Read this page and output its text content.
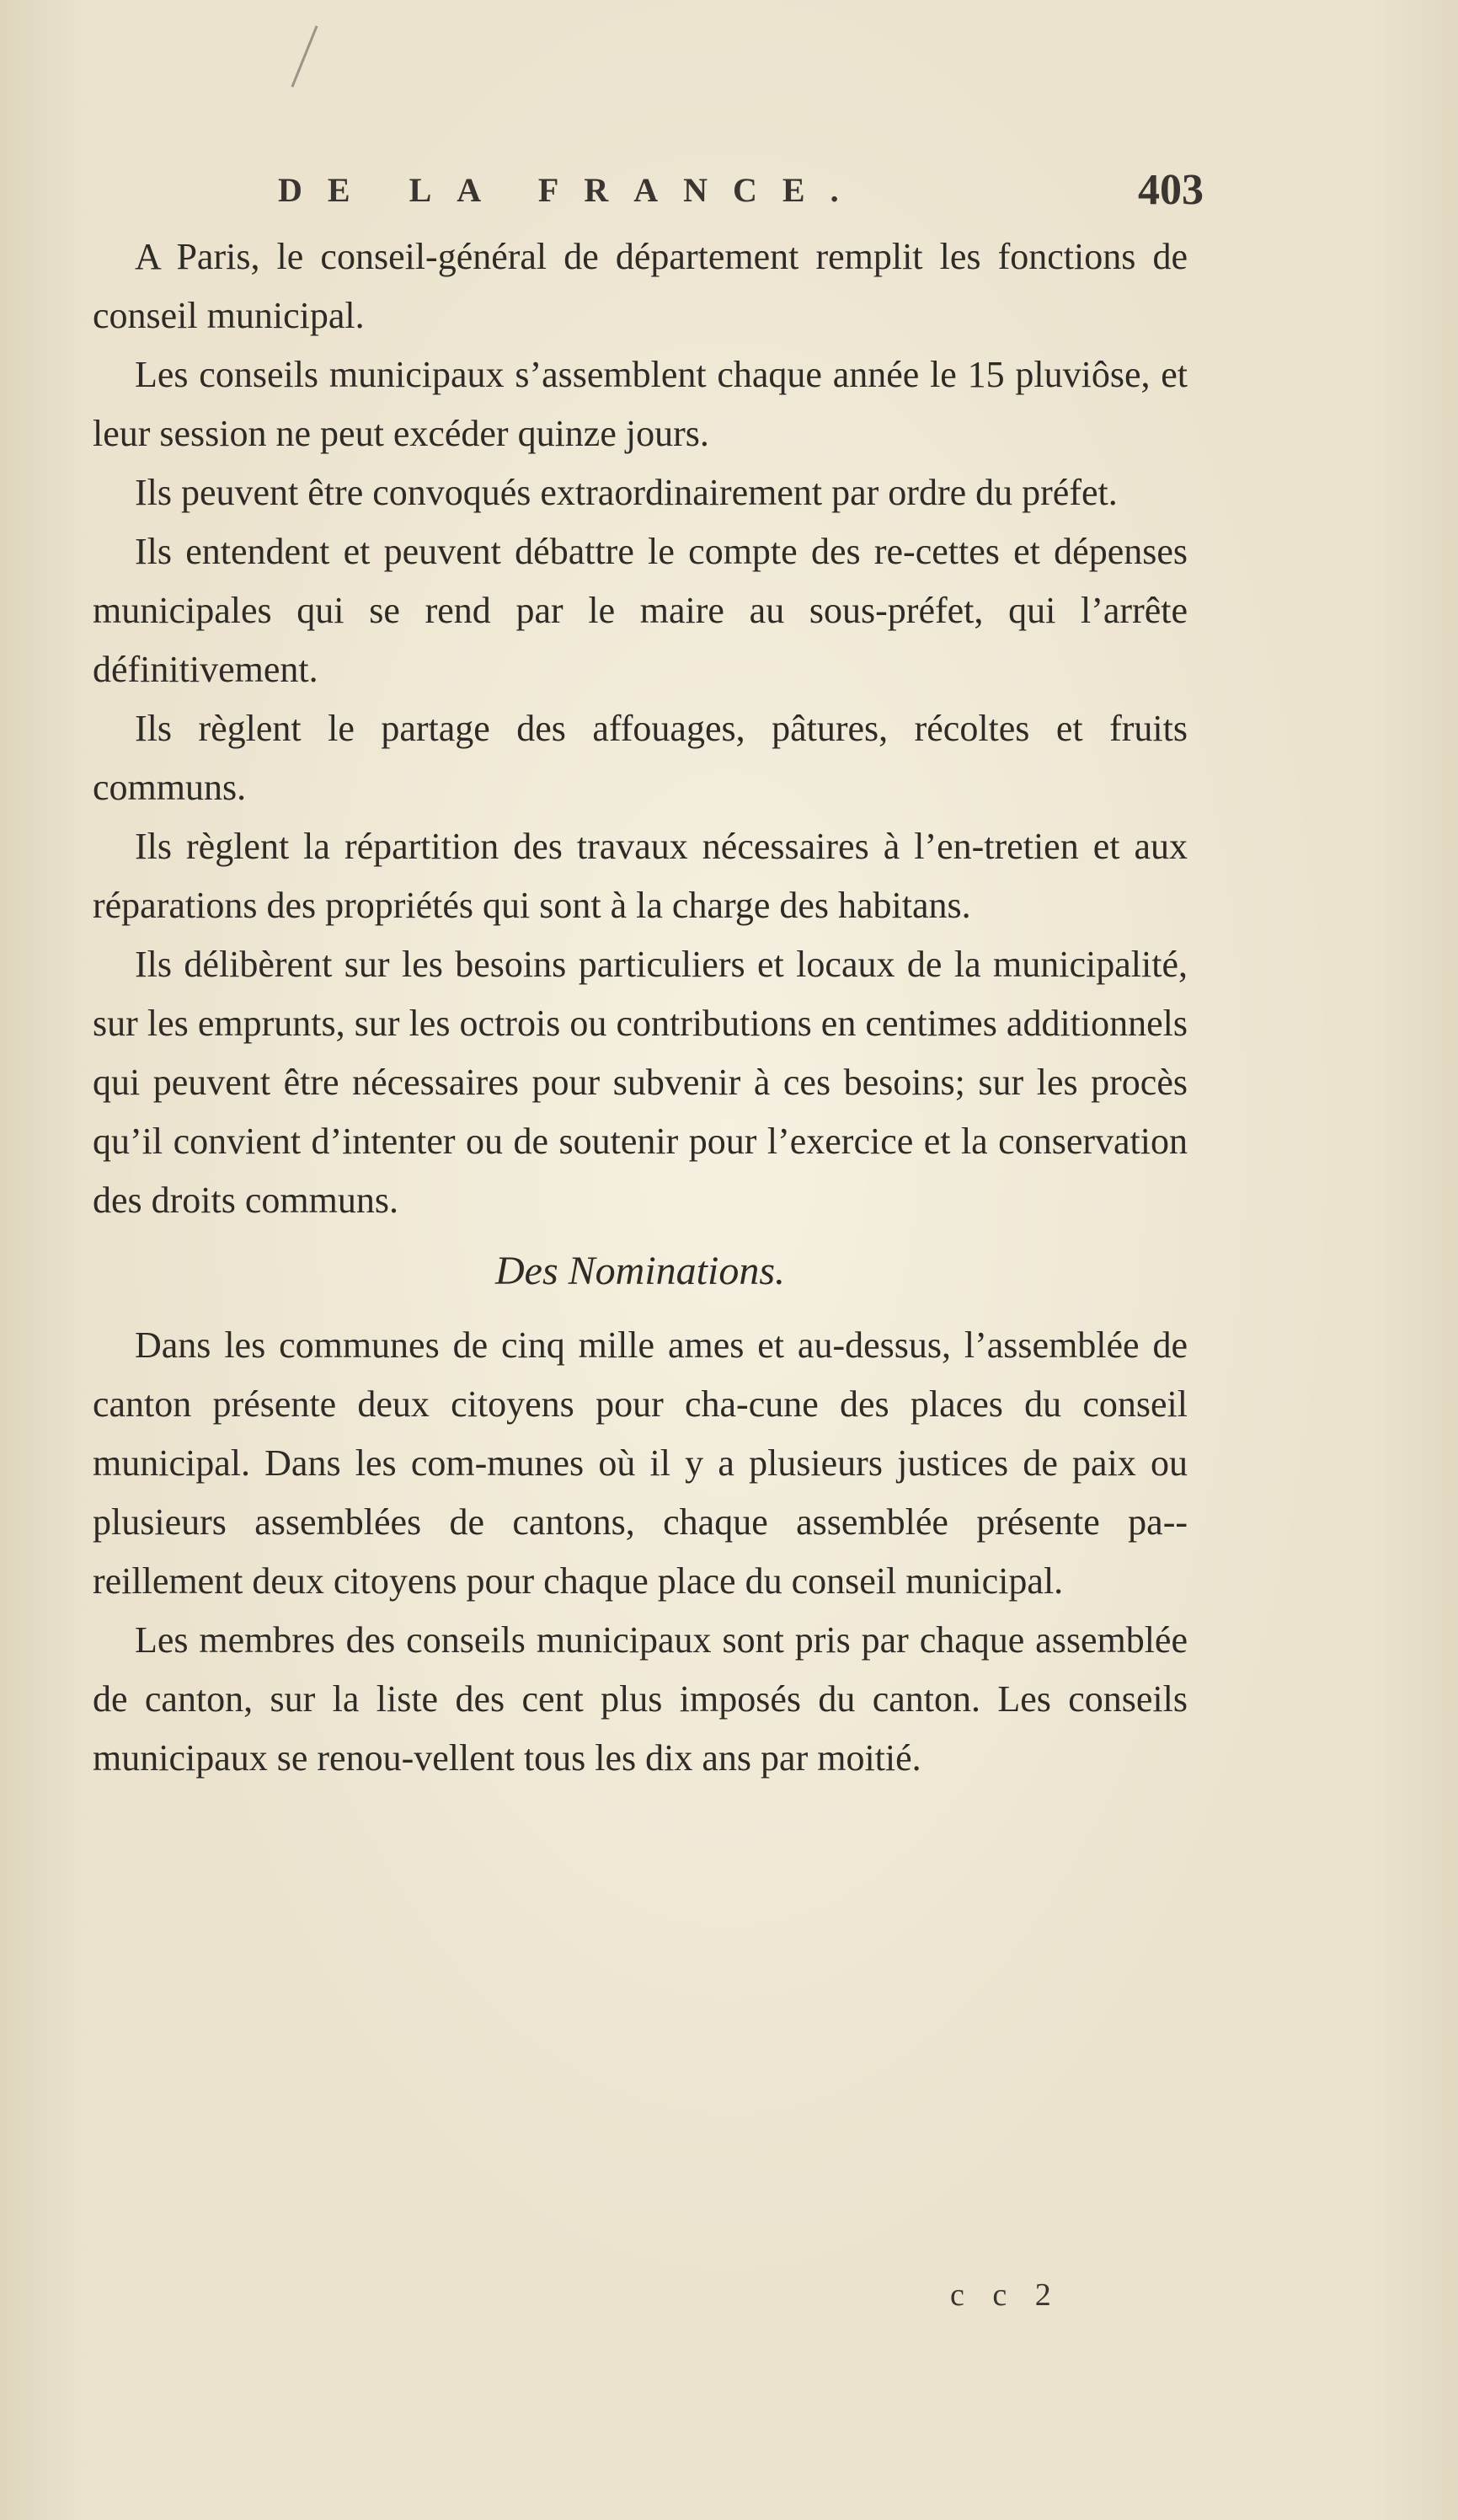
DE LA FRANCE.	403

A Paris, le conseil-général de département remplit les fonctions de conseil municipal.

Les conseils municipaux s’assemblent chaque année le 15 pluviôse, et leur session ne peut excéder quinze jours.

Ils peuvent être convoqués extraordinairement par ordre du préfet.

Ils entendent et peuvent débattre le compte des re-cettes et dépenses municipales qui se rend par le maire au sous-préfet, qui l’arrête définitivement.

Ils règlent le partage des affouages, pâtures, récoltes et fruits communs.

Ils règlent la répartition des travaux nécessaires à l’en-tretien et aux réparations des propriétés qui sont à la charge des habitans.

Ils délibèrent sur les besoins particuliers et locaux de la municipalité, sur les emprunts, sur les octrois ou contributions en centimes additionnels qui peuvent être nécessaires pour subvenir à ces besoins; sur les procès qu’il convient d’intenter ou de soutenir pour l’exercice et la conservation des droits communs.

Des Nominations.

Dans les communes de cinq mille ames et au-dessus, l’assemblée de canton présente deux citoyens pour cha-cune des places du conseil municipal. Dans les com-munes où il y a plusieurs justices de paix ou plusieurs assemblées de cantons, chaque assemblée présente pa-reillement deux citoyens pour chaque place du conseil municipal.

Les membres des conseils municipaux sont pris par chaque assemblée de canton, sur la liste des cent plus imposés du canton. Les conseils municipaux se renou-vellent tous les dix ans par moitié.

c c 2
